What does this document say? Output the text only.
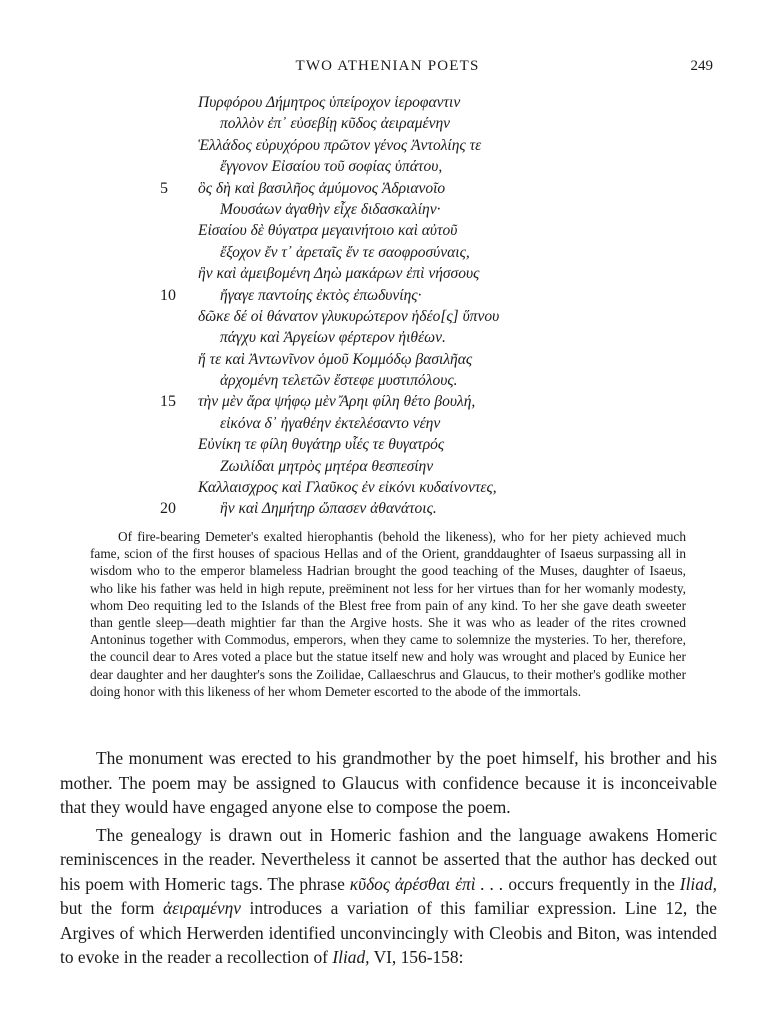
TWO ATHENIAN POETS	249
Πυρφόρου Δήμητρος ὑπείροχον ἱεροφαντιν
πολλὸν ἐπ᾿ εὐσεβίῃ κῦδος ἀειραμένην
Ἑλλάδος εὐρυχόρου πρῶτον γένος Ἀντολίης τε
ἔγγονον Εἰσαίου τοῦ σοφίας ὑπάτου,
5 ὃς δὴ καὶ βασιλῆος ἀμύμονος Ἁδριανοῖο
Μουσάων ἀγαθὴν εἶχε διδασκαλίην·
Εἰσαίου δὲ θύγατρα μεγαινήτοιο καὶ αὐτοῦ
ἔξοχον ἔν τ᾿ ἀρεταῖς ἔν τε σαοφροσύναις,
ἣν καὶ ἀμειβομένη Δηὼ μακάρων ἐπὶ νήσσους
10	ἤγαγε παντοίης ἐκτὸς ἐπωδυνίης·
δῶκε δέ οἱ θάνατον γλυκυρώτερον ἡδέο[ς] ὕπνου
πάγχυ καὶ Ἀργείων φέρτερον ἠιθέων.
ἥ τε καὶ Ἀντωνῖνον ὁμοῦ Κομμόδῳ βασιλῆας
ἀρχομένη τελετῶν ἔστεφε μυστιπόλους.
15 τὴν μὲν ἄρα ψήφῳ μὲν Ἄρηι φίλη θέτο βουλή,
εἰκόνα δ᾿ ἠγαθέην ἐκτελέσαντο νέην
Εὐνίκη τε φίλη θυγάτηρ υἷές τε θυγατρός
Ζωιλίδαι μητρὸς μητέρα θεσπεσίην
Καλλαισχρος καὶ Γλαῦκος ἐν εἰκόνι κυδαίνοντες,
20	ἣν καὶ Δημήτηρ ὤπασεν ἀθανάτοις.

Of fire-bearing Demeter's exalted hierophantis (behold the likeness), who for her piety achieved much fame, scion of the first houses of spacious Hellas and of the Orient, granddaughter of Isaeus surpassing all in wisdom who to the emperor blameless Hadrian brought the good teaching of the Muses, daughter of Isaeus, who like his father was held in high repute, preëminent not less for her virtues than for her womanly modesty, whom Deo requiting led to the Islands of the Blest free from pain of any kind. To her she gave death sweeter than gentle sleep—death mightier far than the Argive hosts. She it was who as leader of the rites crowned Antoninus together with Commodus, emperors, when they came to solemnize the mysteries. To her, therefore, the council dear to Ares voted a place but the statue itself new and holy was wrought and placed by Eunice her dear daughter and her daughter's sons the Zoilidae, Callaeschrus and Glaucus, to their mother's godlike mother doing honor with this likeness of her whom Demeter escorted to the abode of the immortals.

The monument was erected to his grandmother by the poet himself, his brother and his mother. The poem may be assigned to Glaucus with confidence because it is inconceivable that they would have engaged anyone else to compose the poem.

The genealogy is drawn out in Homeric fashion and the language awakens Homeric reminiscences in the reader. Nevertheless it cannot be asserted that the author has decked out his poem with Homeric tags. The phrase κῦδος ἀρέσθαι ἐπὶ . . . occurs frequently in the Iliad, but the form ἀειραμένην introduces a variation of this familiar expression. Line 12, the Argives of which Herwerden identified unconvincingly with Cleobis and Biton, was intended to evoke in the reader a recollection of Iliad, VI, 156-158:
